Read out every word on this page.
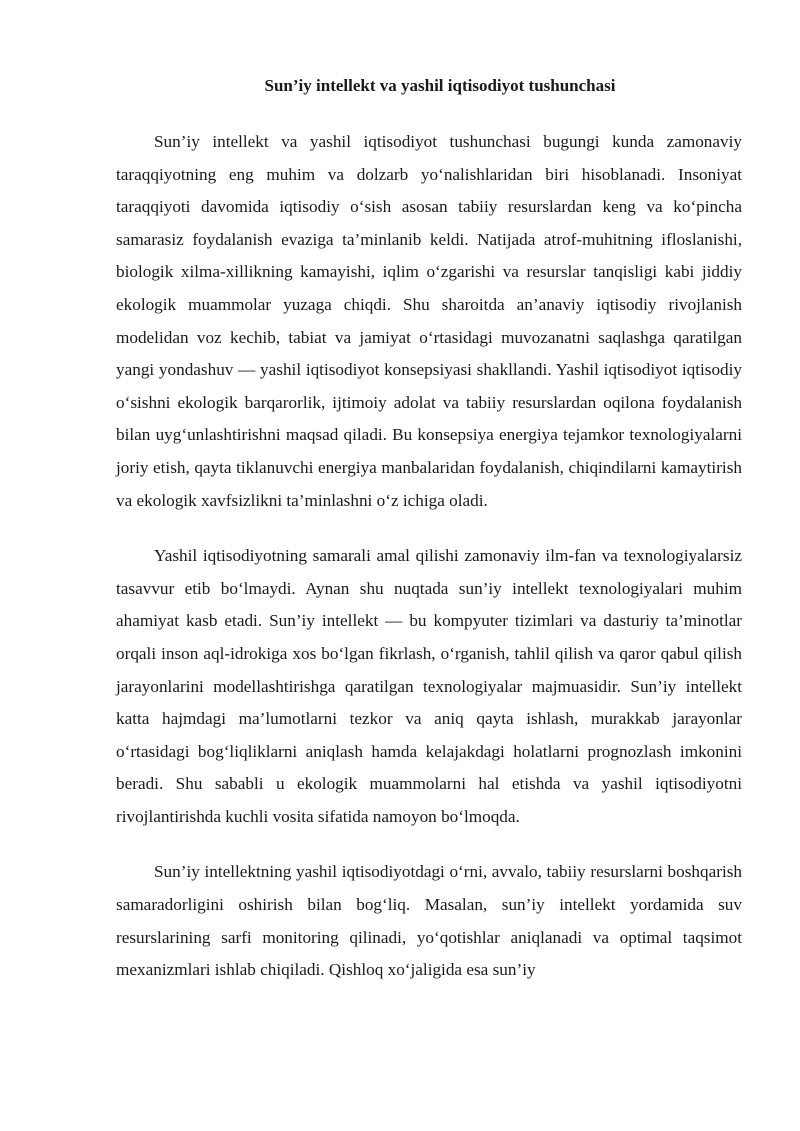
Sun’iy intellekt va yashil iqtisodiyot tushunchasi

Sun’iy intellekt va yashil iqtisodiyot tushunchasi bugungi kunda zamonaviy taraqqiyotning eng muhim va dolzarb yo‘nalishlaridan biri hisoblanadi. Insoniyat taraqqiyoti davomida iqtisodiy o‘sish asosan tabiiy resurslardan keng va ko‘pincha samarasiz foydalanish evaziga ta’minlanib keldi. Natijada atrof-muhitning ifloslanishi, biologik xilma-xillikning kamayishi, iqlim o‘zgarishi va resurslar tanqisligi kabi jiddiy ekologik muammolar yuzaga chiqdi. Shu sharoitda an’anaviy iqtisodiy rivojlanish modelidan voz kechib, tabiat va jamiyat o‘rtasidagi muvozanatni saqlashga qaratilgan yangi yondashuv — yashil iqtisodiyot konsepsiyasi shakllandi. Yashil iqtisodiyot iqtisodiy o‘sishni ekologik barqarorlik, ijtimoiy adolat va tabiiy resurslardan oqilona foydalanish bilan uyg‘unlashtirishni maqsad qiladi. Bu konsepsiya energiya tejamkor texnologiyalarni joriy etish, qayta tiklanuvchi energiya manbalaridan foydalanish, chiqindilarni kamaytirish va ekologik xavfsizlikni ta’minlashni o‘z ichiga oladi.

Yashil iqtisodiyotning samarali amal qilishi zamonaviy ilm-fan va texnologiyalarsiz tasavvur etib bo‘lmaydi. Aynan shu nuqtada sun’iy intellekt texnologiyalari muhim ahamiyat kasb etadi. Sun’iy intellekt — bu kompyuter tizimlari va dasturiy ta’minotlar orqali inson aql-idrokiga xos bo‘lgan fikrlash, o‘rganish, tahlil qilish va qaror qabul qilish jarayonlarini modellashtirishga qaratilgan texnologiyalar majmuasidir. Sun’iy intellekt katta hajmdagi ma’lumotlarni tezkor va aniq qayta ishlash, murakkab jarayonlar o‘rtasidagi bog‘liqliklarni aniqlash hamda kelajakdagi holatlarni prognozlash imkonini beradi. Shu sababli u ekologik muammolarni hal etishda va yashil iqtisodiyotni rivojlantirishda kuchli vosita sifatida namoyon bo‘lmoqda.

Sun’iy intellektning yashil iqtisodiyotdagi o‘rni, avvalo, tabiiy resurslarni boshqarish samaradorligini oshirish bilan bog‘liq. Masalan, sun’iy intellekt yordamida suv resurslarining sarfi monitoring qilinadi, yo‘qotishlar aniqlanadi va optimal taqsimot mexanizmlari ishlab chiqiladi. Qishloq xo‘jaligida esa sun’iy
